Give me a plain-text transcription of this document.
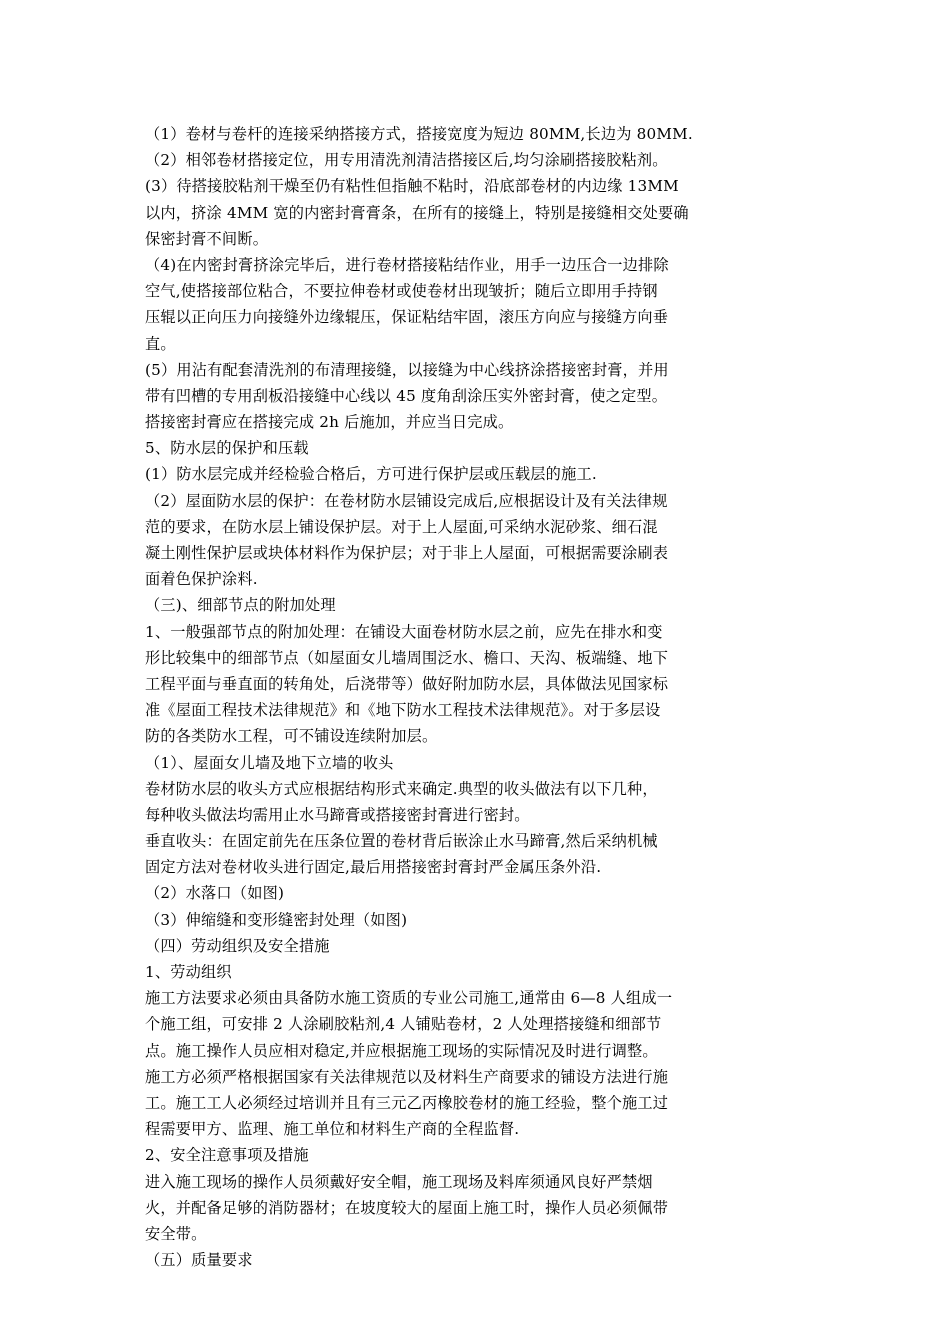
（1）卷材与卷杆的连接采纳搭接方式，搭接宽度为短边 80MM,长边为 80MM.
（2）相邻卷材搭接定位，用专用清洗剂清洁搭接区后,均匀涂刷搭接胶粘剂。
(3）待搭接胶粘剂干燥至仍有粘性但指触不粘时，沿底部卷材的内边缘 13MM
以内，挤涂 4MM 宽的内密封膏膏条，在所有的接缝上，特别是接缝相交处要确
保密封膏不间断。
（4)在内密封膏挤涂完毕后，进行卷材搭接粘结作业，用手一边压合一边排除
空气,使搭接部位粘合，不要拉伸卷材或使卷材出现皱折；随后立即用手持钢
压辊以正向压力向接缝外边缘辊压，保证粘结牢固，滚压方向应与接缝方向垂
直。
(5）用沾有配套清洗剂的布清理接缝，以接缝为中心线挤涂搭接密封膏，并用
带有凹槽的专用刮板沿接缝中心线以 45 度角刮涂压实外密封膏，使之定型。
搭接密封膏应在搭接完成 2h 后施加，并应当日完成。
5、防水层的保护和压载
(1）防水层完成并经检验合格后，方可进行保护层或压载层的施工.
（2）屋面防水层的保护：在卷材防水层铺设完成后,应根据设计及有关法律规
范的要求，在防水层上铺设保护层。对于上人屋面,可采纳水泥砂浆、细石混
凝土刚性保护层或块体材料作为保护层；对于非上人屋面，可根据需要涂刷表
面着色保护涂料.
（三)、细部节点的附加处理
1、一般强部节点的附加处理：在铺设大面卷材防水层之前，应先在排水和变
形比较集中的细部节点（如屋面女儿墙周围泛水、檐口、天沟、板端缝、地下
工程平面与垂直面的转角处，后浇带等）做好附加防水层，具体做法见国家标
准《屋面工程技术法律规范》和《地下防水工程技术法律规范》。对于多层设
防的各类防水工程，可不铺设连续附加层。
（1）、屋面女儿墙及地下立墙的收头
卷材防水层的收头方式应根据结构形式来确定.典型的收头做法有以下几种，
每种收头做法均需用止水马蹄膏或搭接密封膏进行密封。
垂直收头：在固定前先在压条位置的卷材背后嵌涂止水马蹄膏,然后采纳机械
固定方法对卷材收头进行固定,最后用搭接密封膏封严金属压条外沿.
（2）水落口（如图)
（3）伸缩缝和变形缝密封处理（如图)
（四）劳动组织及安全措施
1、劳动组织
施工方法要求必须由具备防水施工资质的专业公司施工,通常由 6—8 人组成一
个施工组，可安排 2 人涂刷胶粘剂,4 人铺贴卷材，2 人处理搭接缝和细部节
点。施工操作人员应相对稳定,并应根据施工现场的实际情况及时进行调整。
施工方必须严格根据国家有关法律规范以及材料生产商要求的铺设方法进行施
工。施工工人必须经过培训并且有三元乙丙橡胶卷材的施工经验，整个施工过
程需要甲方、监理、施工单位和材料生产商的全程监督.
2、安全注意事项及措施
进入施工现场的操作人员须戴好安全帽，施工现场及料库须通风良好严禁烟
火，并配备足够的消防器材；在坡度较大的屋面上施工时，操作人员必须佩带
安全带。
（五）质量要求
